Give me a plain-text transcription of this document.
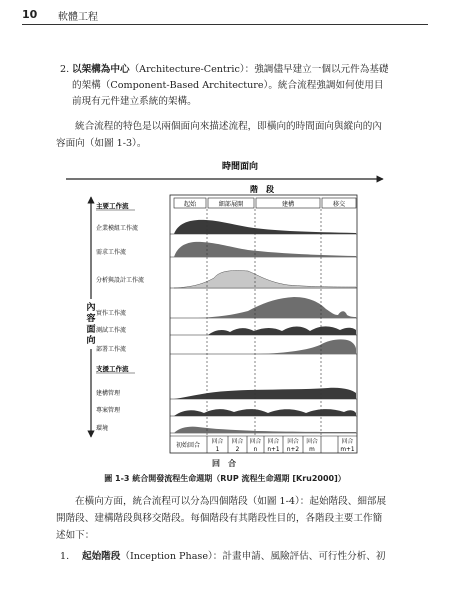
10 軟體工程
2. 以架構為中心（Architecture-Centric）：強調儘早建立一個以元件為基礎的架構（Component-Based Architecture）。統合流程強調如何使用目前現有元件建立系統的架構。
統合流程的特色是以兩個面向來描述流程，即橫向的時間面向與縱向的內容面向（如圖 1-3）。
時間面向
階　段
內
容
面
向
起始	細部展開	建構	移交
主要工作流
支援工作流
企業模組工作流
需求工作流
分析與設計工作流
實作工作流
測試工作流
部署工作流
建構管理
專案管理
環境
初始回合 回合
1
回合
2
回合
n
回合
n+1
回合
n+2
回合
m
回合
m+1
回　合
圖 1-3 統合開發流程生命週期（RUP 流程生命週期 [Kru2000]）
在橫向方面，統合流程可以分為四個階段（如圖 1-4）：起始階段、細部展開階段、建構階段與移交階段。每個階段有其階段性目的，各階段主要工作簡述如下：
1. 起始階段（Inception Phase）：計畫申請、風險評估、可行性分析、初
